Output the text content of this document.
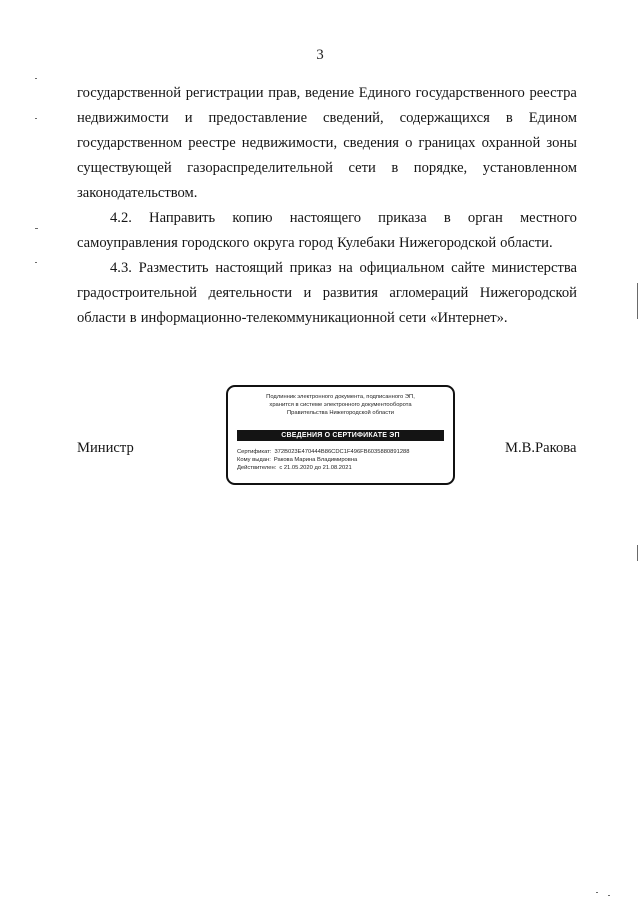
3
государственной регистрации прав, ведение Единого государственного реестра
недвижимости и предоставление сведений, содержащихся в Едином
государственном реестре недвижимости, сведения о границах охранной зоны
существующей газораспределительной сети в порядке, установленном
законодательством.
4.2. Направить копию настоящего приказа в орган местного
самоуправления городского округа город Кулебаки Нижегородской области.
4.3. Разместить настоящий приказ на официальном сайте министерства
градостроительной деятельности и развития агломераций Нижегородской
области в информационно-телекоммуникационной сети «Интернет».
Министр	М.В.Ракова
Подлинник электронного документа, подписанного ЭП,
хранится в системе электронного документооборота
Правительства Нижегородской области
СВЕДЕНИЯ О СЕРТИФИКАТЕ ЭП
Сертификат: 372B023E470444B86CDC1F496FB6035880891288
Кому выдан: Ракова Марина Владимировна
Действителен: с 21.05.2020 до 21.08.2021
